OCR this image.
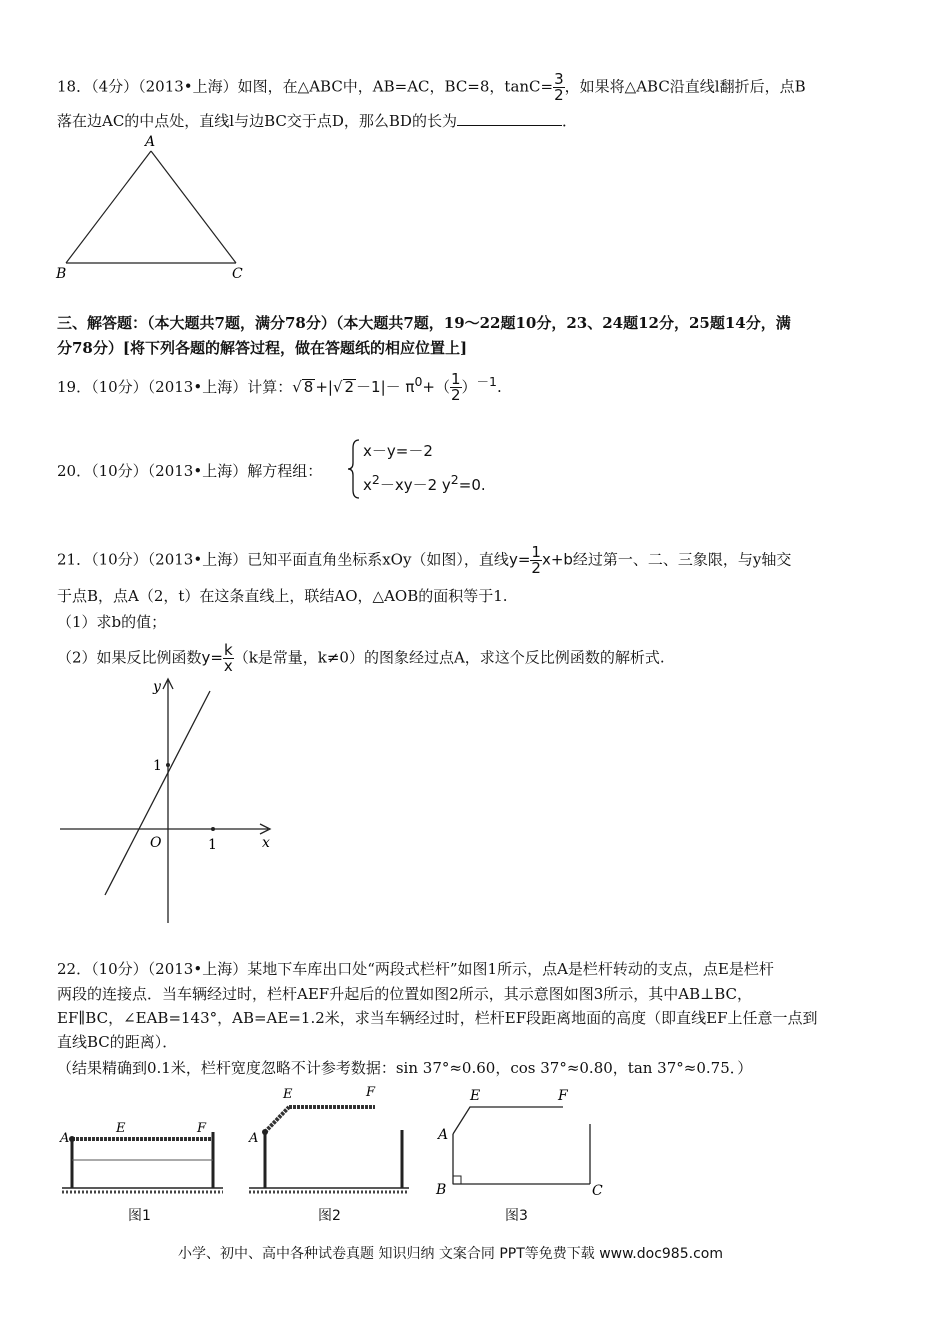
18．（4分）（2013•上海）如图，在△ABC中，AB=AC，BC=8，$\tan C= \frac{3}{2}$ ，如果将△ABC沿直线l翻折后，点B
落在边AC的中点处，直线l与边BC交于点D，那么BD的长为	．
A
B	C
三、解答题：（本大题共7题，满分78分）（本大题共7题，19～22题10分，23、24题12分，25题14分，满
分78分）[将下列各题的解答过程，做在答题纸的相应位置上]
19．（10分）（2013•上海）计算：√ 8 +|√ $2 -1|- \pi^0+( \frac{1}{2} )^{-1}$.
20．（10分）（2013•上海）解方程组：
x－y=－2
$x^2-xy-2$ $y^2=0$.
21．（10分）（2013•上海）已知平面直角坐标系xOy（如图），直线$y= \frac{1}{2} x+b$经过第一、二、三象限，与y轴交
于点B，点A（2，t）在这条直线上，联结AO，△AOB的面积等于1.
（1）求b的值；
（2）如果反比例函数$y= \frac{k}{x} (k$是常量，k≠0）的图象经过点A，求这个反比例函数的解析式.
y
x
O
1
1
22．（10分）（2013•上海）某地下车库出口处“两段式栏杆”如图1所示，点A是栏杆转动的支点，点E是栏杆
两段的连接点．当车辆经过时，栏杆AEF升起后的位置如图2所示，其示意图如图3所示，其中AB⊥BC，
EF∥BC，∠EAB=143°，AB=AE=1.2米，求当车辆经过时，栏杆EF段距离地面的高度（即直线EF上任意一点到
直线BC的距离）．
（结果精确到0.1米，栏杆宽度忽略不计参考数据：sin 37°≈0.60，cos 37°≈0.80，tan 37°≈0.75．）
A
E	F
图1
A
E	F
图2
A
E	F
B	C
图3
小学、初中、高中各种试卷真题 知识归纳 文案合同 PPT等免费下载 www.doc985.com
